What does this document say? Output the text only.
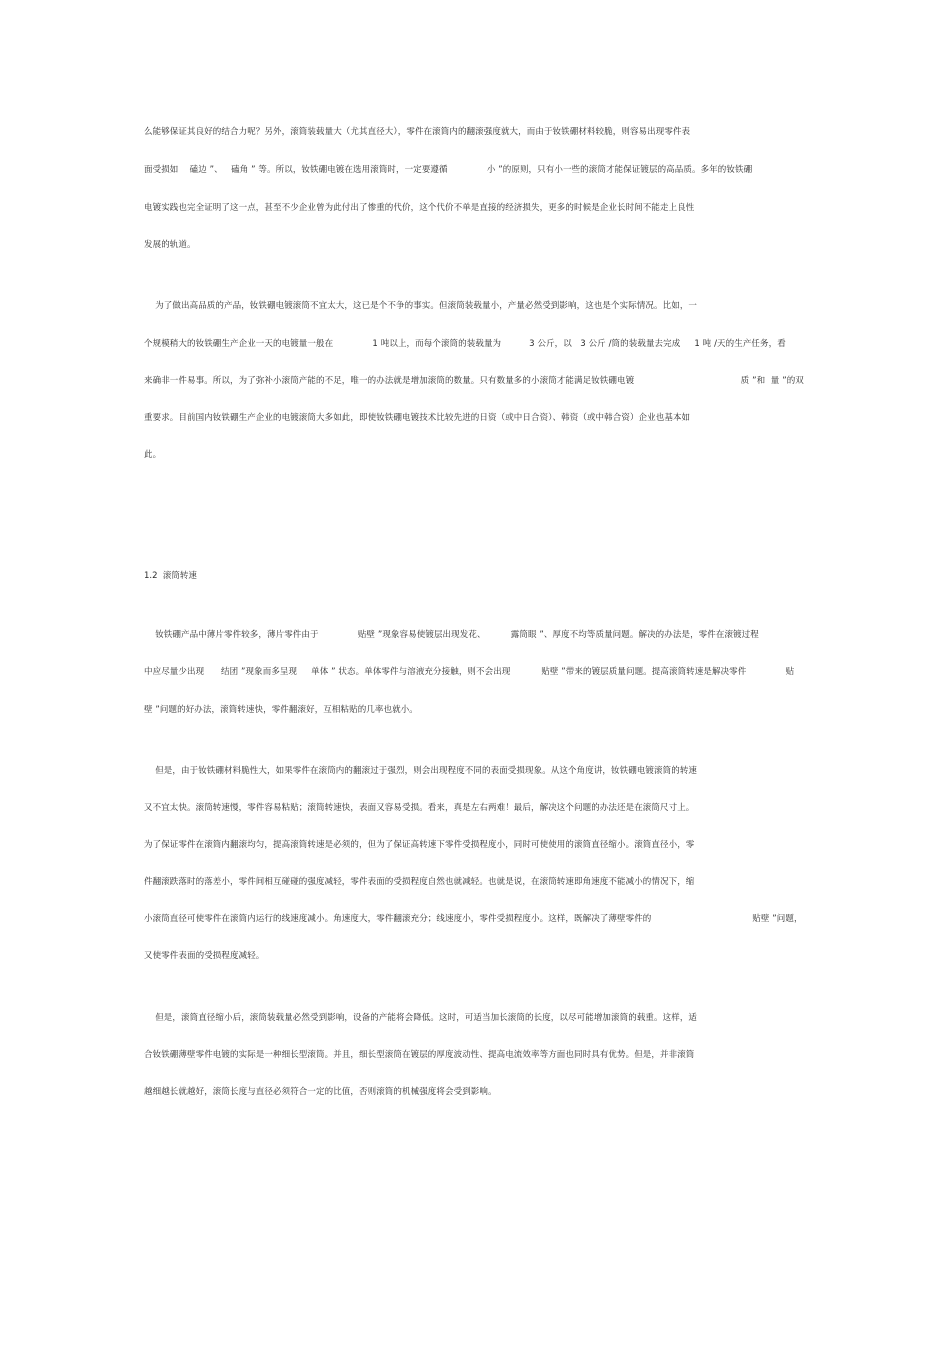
么能够保证其良好的结合力呢？另外，滚筒装载量大（尤其直径大），零件在滚筒内的翻滚强度就大，而由于钕铁硼材料较脆，则容易出现零件表
面受损如    磕边 ”、   磕角 ” 等。所以，钕铁硼电镀在选用滚筒时，一定要遵循              小 ”的原则，只有小一些的滚筒才能保证镀层的高品质。多年的钕铁硼
电镀实践也完全证明了这一点，甚至不少企业曾为此付出了惨重的代价，这个代价不单是直接的经济损失，更多的时候是企业长时间不能走上良性
发展的轨道。
为了做出高品质的产品，钕铁硼电镀滚筒不宜太大，这已是个不争的事实。但滚筒装载量小，产量必然受到影响，这也是个实际情况。比如，一
个规模稍大的钕铁硼生产企业一天的电镀量一般在              1 吨以上，而每个滚筒的装载量为          3 公斤，以   3 公斤 /筒的装载量去完成     1 吨 /天的生产任务，看
来确非一件易事。所以，为了弥补小滚筒产能的不足，唯一的办法就是增加滚筒的数量。只有数量多的小滚筒才能满足钕铁硼电镀                                      质 ”和  量 ”的双
重要求。目前国内钕铁硼生产企业的电镀滚筒大多如此，即使钕铁硼电镀技术比较先进的日资（或中日合资）、韩资（或中韩合资）企业也基本如
此。
1.2  滚筒转速
钕铁硼产品中薄片零件较多，薄片零件由于              贴壁 ”现象容易使镀层出现发花、         露筒眼 ”、厚度不均等质量问题。解决的办法是，零件在滚镀过程
中应尽量少出现      结团 ”现象而多呈现     单体 ” 状态。单体零件与溶液充分接触，则不会出现           贴壁 ”带来的镀层质量问题。提高滚筒转速是解决零件              贴
壁 ”问题的好办法，滚筒转速快，零件翻滚好，互相粘贴的几率也就小。
但是，由于钕铁硼材料脆性大，如果零件在滚筒内的翻滚过于强烈，则会出现程度不同的表面受损现象。从这个角度讲，钕铁硼电镀滚筒的转速
又不宜太快。滚筒转速慢，零件容易粘贴；滚筒转速快，表面又容易受损。看来，真是左右两难！最后，解决这个问题的办法还是在滚筒尺寸上。
为了保证零件在滚筒内翻滚均匀，提高滚筒转速是必须的，但为了保证高转速下零件受损程度小，同时可使使用的滚筒直径缩小。滚筒直径小，零
件翻滚跌落时的落差小，零件间相互碰碰的强度减轻，零件表面的受损程度自然也就减轻。也就是说，在滚筒转速即角速度不能减小的情况下，缩
小滚筒直径可使零件在滚筒内运行的线速度减小。角速度大，零件翻滚充分；线速度小，零件受损程度小。这样，既解决了薄壁零件的                                    贴壁 ”问题，
又使零件表面的受损程度减轻。
但是，滚筒直径缩小后，滚筒装载量必然受到影响，设备的产能将会降低。这时，可适当加长滚筒的长度，以尽可能增加滚筒的载重。这样，适
合钕铁硼薄壁零件电镀的实际是一种细长型滚筒。并且，细长型滚筒在镀层的厚度波动性、提高电流效率等方面也同时具有优势。但是，并非滚筒
越细越长就越好，滚筒长度与直径必须符合一定的比值，否则滚筒的机械强度将会受到影响。
